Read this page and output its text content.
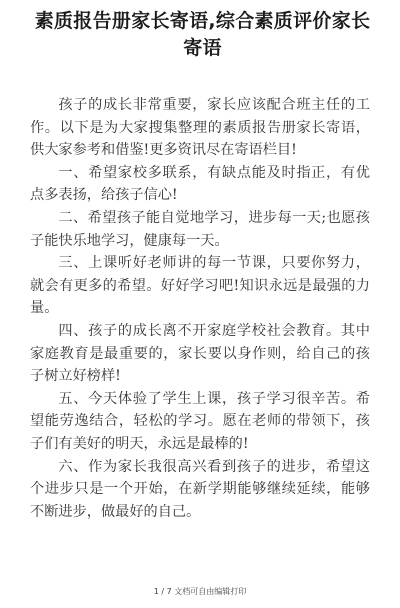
素质报告册家长寄语,综合素质评价家长寄语

孩子的成长非常重要，家长应该配合班主任的工作。以下是为大家搜集整理的素质报告册家长寄语，供大家参考和借鉴!更多资讯尽在寄语栏目!

一、希望家校多联系，有缺点能及时指正，有优点多表扬，给孩子信心!

二、希望孩子能自觉地学习，进步每一天;也愿孩子能快乐地学习，健康每一天。

三、上课听好老师讲的每一节课，只要你努力，就会有更多的希望。好好学习吧!知识永远是最强的力量。

四、孩子的成长离不开家庭学校社会教育。其中家庭教育是最重要的，家长要以身作则，给自己的孩子树立好榜样!

五、今天体验了学生上课，孩子学习很辛苦。希望能劳逸结合，轻松的学习。愿在老师的带领下，孩子们有美好的明天，永远是最棒的!

六、作为家长我很高兴看到孩子的进步，希望这个进步只是一个开始，在新学期能够继续延续，能够不断进步，做最好的自己。

1 / 7 文档可自由编辑打印
